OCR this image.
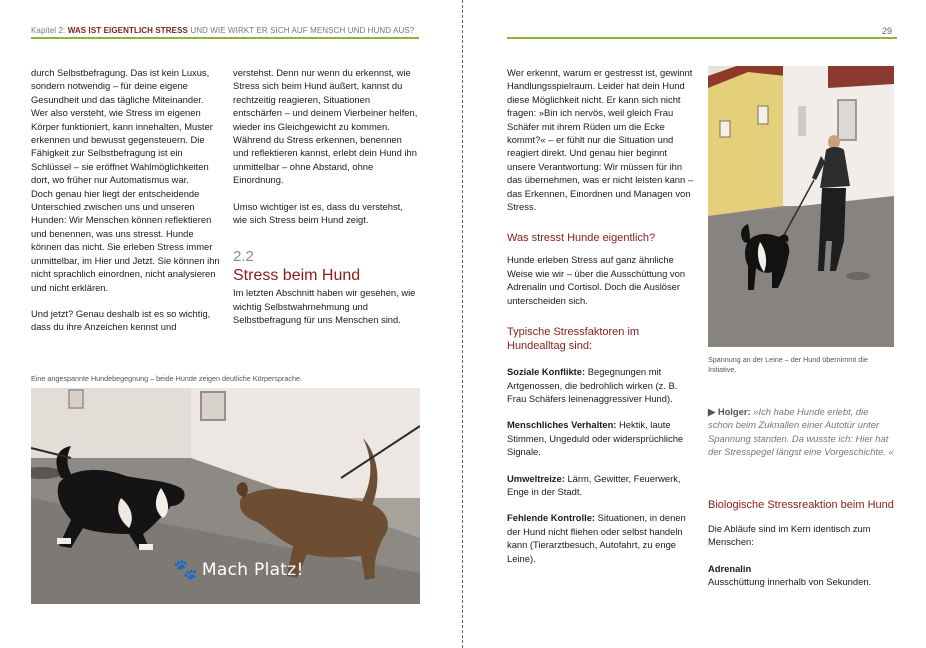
Kapitel 2: WAS IST EIGENTLICH STRESS UND WIE WIRKT ER SICH AUF MENSCH UND HUND AUS?

durch Selbstbefragung. Das ist kein Luxus, sondern notwendig – für deine eigene Gesundheit und das tägliche Miteinander.

Wer also versteht, wie Stress im eigenen Körper funktioniert, kann innehalten, Muster erkennen und bewusst gegensteuern. Die Fähigkeit zur Selbstbefragung ist ein Schlüssel – sie eröffnet Wahlmöglichkeiten dort, wo früher nur Automatismus war.

Doch genau hier liegt der entscheidende Unterschied zwischen uns und unseren Hunden: Wir Menschen können reflektieren und benennen, was uns stresst. Hunde können das nicht. Sie erleben Stress immer unmittelbar, im Hier und Jetzt. Sie können ihn nicht sprachlich einordnen, nicht analysieren und nicht erklären.

Und jetzt? Genau deshalb ist es so wichtig, dass du ihre Anzeichen kennst und

verstehst. Denn nur wenn du erkennst, wie Stress sich beim Hund äußert, kannst du rechtzeitig reagieren, Situationen entschärfen – und deinem Vierbeiner helfen, wieder ins Gleichgewicht zu kommen. Während du Stress erkennen, benennen und reflektieren kannst, erlebt dein Hund ihn unmittelbar – ohne Abstand, ohne Einordnung.

Umso wichtiger ist es, dass du verstehst, wie sich Stress beim Hund zeigt.

2.2

Stress beim Hund

Im letzten Abschnitt haben wir gesehen, wie wichtig Selbstwahrnehmung und Selbstbefragung für uns Menschen sind.

Eine angespannte Hundebegegnung – beide Hunde zeigen deutliche Körpersprache.
🐾 Mach Platz!
29

Wer erkennt, warum er gestresst ist, gewinnt Handlungsspielraum. Leider hat dein Hund diese Möglichkeit nicht. Er kann sich nicht fragen: »Bin ich nervös, weil gleich Frau Schäfer mit ihrem Rüden um die Ecke kommt?« – er fühlt nur die Situation und reagiert direkt. Und genau hier beginnt unsere Verantwortung: Wir müssen für ihn das übernehmen, was er nicht leisten kann – das Erkennen, Einordnen und Managen von Stress.

Was stresst Hunde eigentlich?

Hunde erleben Stress auf ganz ähnliche Weise wie wir – über die Ausschüttung von Adrenalin und Cortisol. Doch die Auslöser unterscheiden sich.

Typische Stressfaktoren im Hundealltag sind:

Soziale Konflikte: Begegnungen mit Artgenossen, die bedrohlich wirken (z. B. Frau Schäfers leinenaggressiver Hund).

Menschliches Verhalten: Hektik, laute Stimmen, Ungeduld oder widersprüchliche Signale.

Umweltreize: Lärm, Gewitter, Feuerwerk, Enge in der Stadt.

Fehlende Kontrolle: Situationen, in denen der Hund nicht fliehen oder selbst handeln kann (Tierarztbesuch, Autofahrt, zu enge Leine).

Spannung an der Leine – der Hund übernimmt die Initiative.
▶ Holger: »Ich habe Hunde erlebt, die schon beim Zuknallen einer Autotür unter Spannung standen. Da wusste ich: Hier hat der Stresspegel längst eine Vorgeschichte. «

Biologische Stressreaktion beim Hund

Die Abläufe sind im Kern identisch zum Menschen:

Adrenalin

Ausschüttung innerhalb von Sekunden.
